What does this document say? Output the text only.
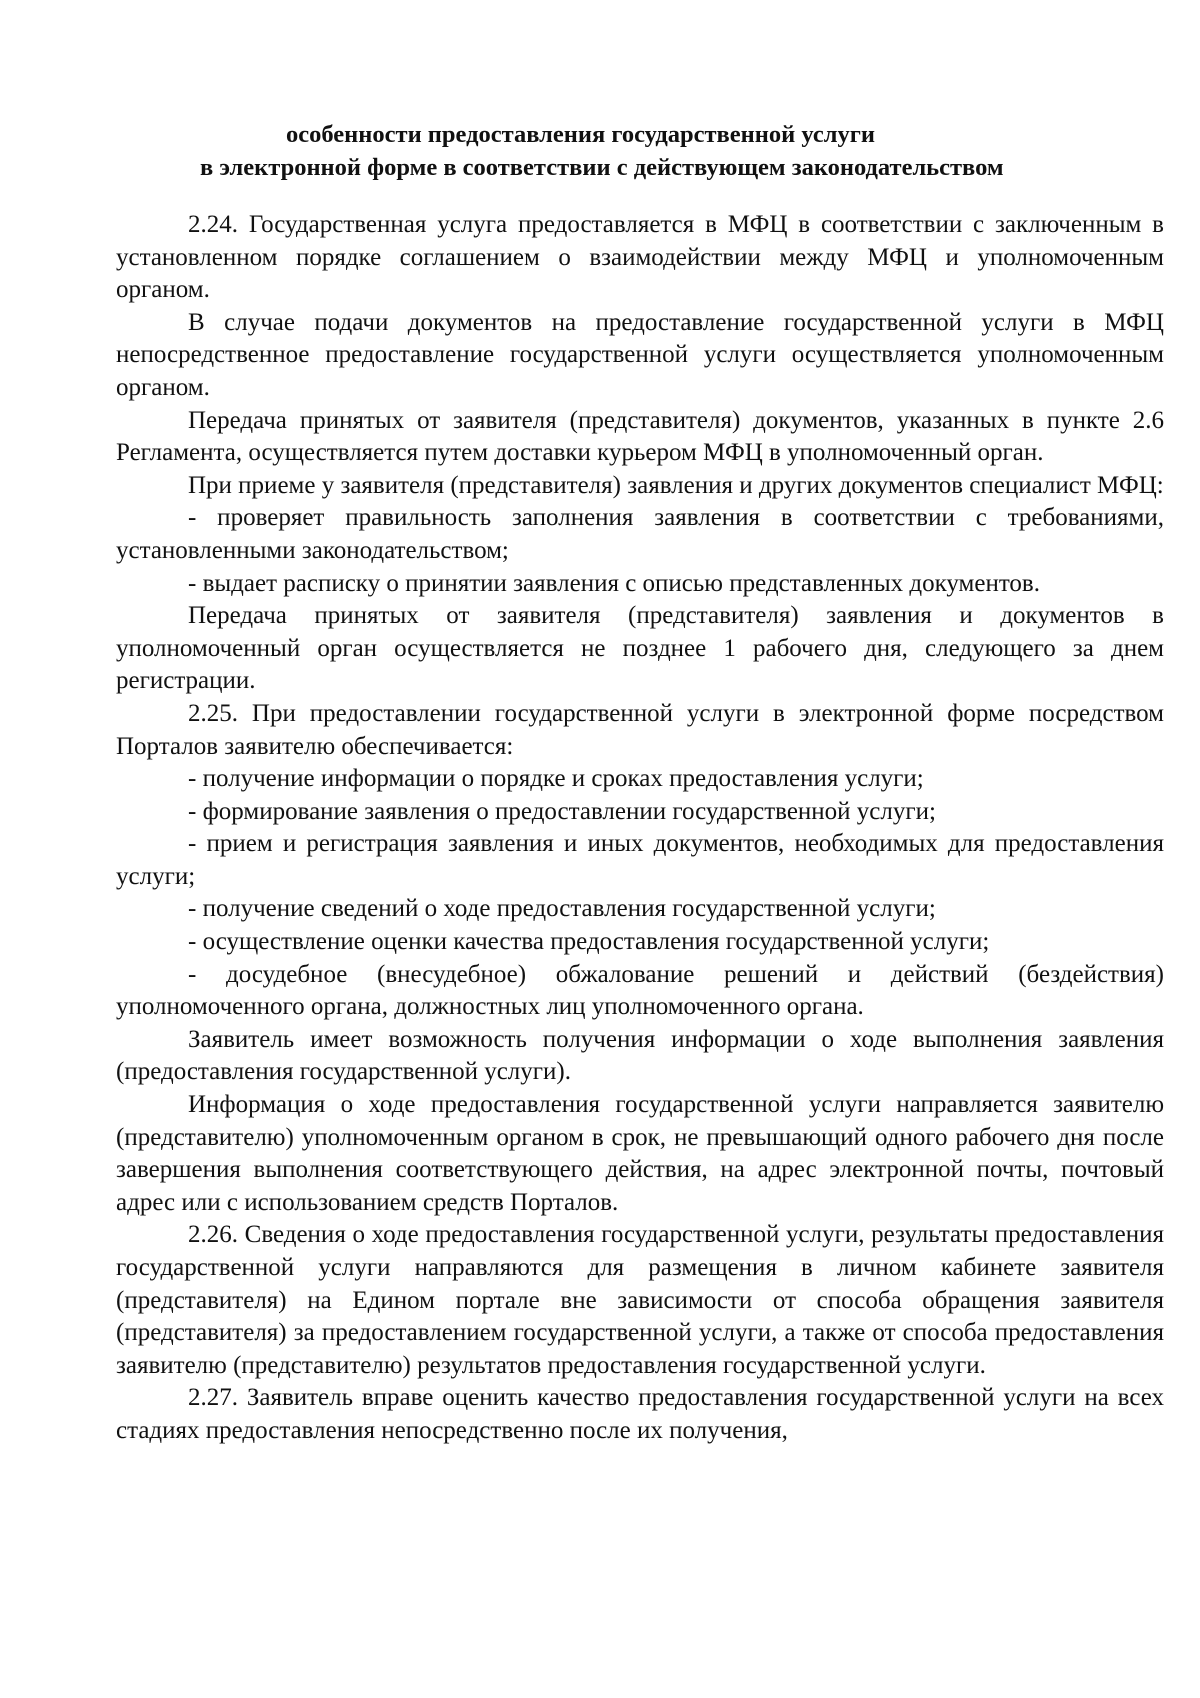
особенности предоставления государственной услуги
в электронной форме в соответствии с действующем законодательством

2.24. Государственная услуга предоставляется в МФЦ в соответствии с заключенным в установленном порядке соглашением о взаимодействии между МФЦ и уполномоченным органом.

В случае подачи документов на предоставление государственной услуги в МФЦ непосредственное предоставление государственной услуги осуществляется уполномоченным органом.

Передача принятых от заявителя (представителя) документов, указанных в пункте 2.6 Регламента, осуществляется путем доставки курьером МФЦ в уполномоченный орган.

При приеме у заявителя (представителя) заявления и других документов специалист МФЦ:

- проверяет правильность заполнения заявления в соответствии с требованиями, установленными законодательством;

- выдает расписку о принятии заявления с описью представленных документов.

Передача принятых от заявителя (представителя) заявления и документов в уполномоченный орган осуществляется не позднее 1 рабочего дня, следующего за днем регистрации.

2.25. При предоставлении государственной услуги в электронной форме посредством Порталов заявителю обеспечивается:

- получение информации о порядке и сроках предоставления услуги;

- формирование заявления о предоставлении государственной услуги;

- прием и регистрация заявления и иных документов, необходимых для предоставления услуги;

- получение сведений о ходе предоставления государственной услуги;

- осуществление оценки качества предоставления государственной услуги;

- досудебное (внесудебное) обжалование решений и действий (бездействия) уполномоченного органа, должностных лиц уполномоченного органа.

Заявитель имеет возможность получения информации о ходе выполнения заявления (предоставления государственной услуги).

Информация о ходе предоставления государственной услуги направляется заявителю (представителю) уполномоченным органом в срок, не превышающий одного рабочего дня после завершения выполнения соответствующего действия, на адрес электронной почты, почтовый адрес или с использованием средств Порталов.

2.26. Сведения о ходе предоставления государственной услуги, результаты предоставления государственной услуги направляются для размещения в личном кабинете заявителя (представителя) на Едином портале вне зависимости от способа обращения заявителя (представителя) за предоставлением государственной услуги, а также от способа предоставления заявителю (представителю) результатов предоставления государственной услуги.

2.27. Заявитель вправе оценить качество предоставления государственной услуги на всех стадиях предоставления непосредственно после их получения,
